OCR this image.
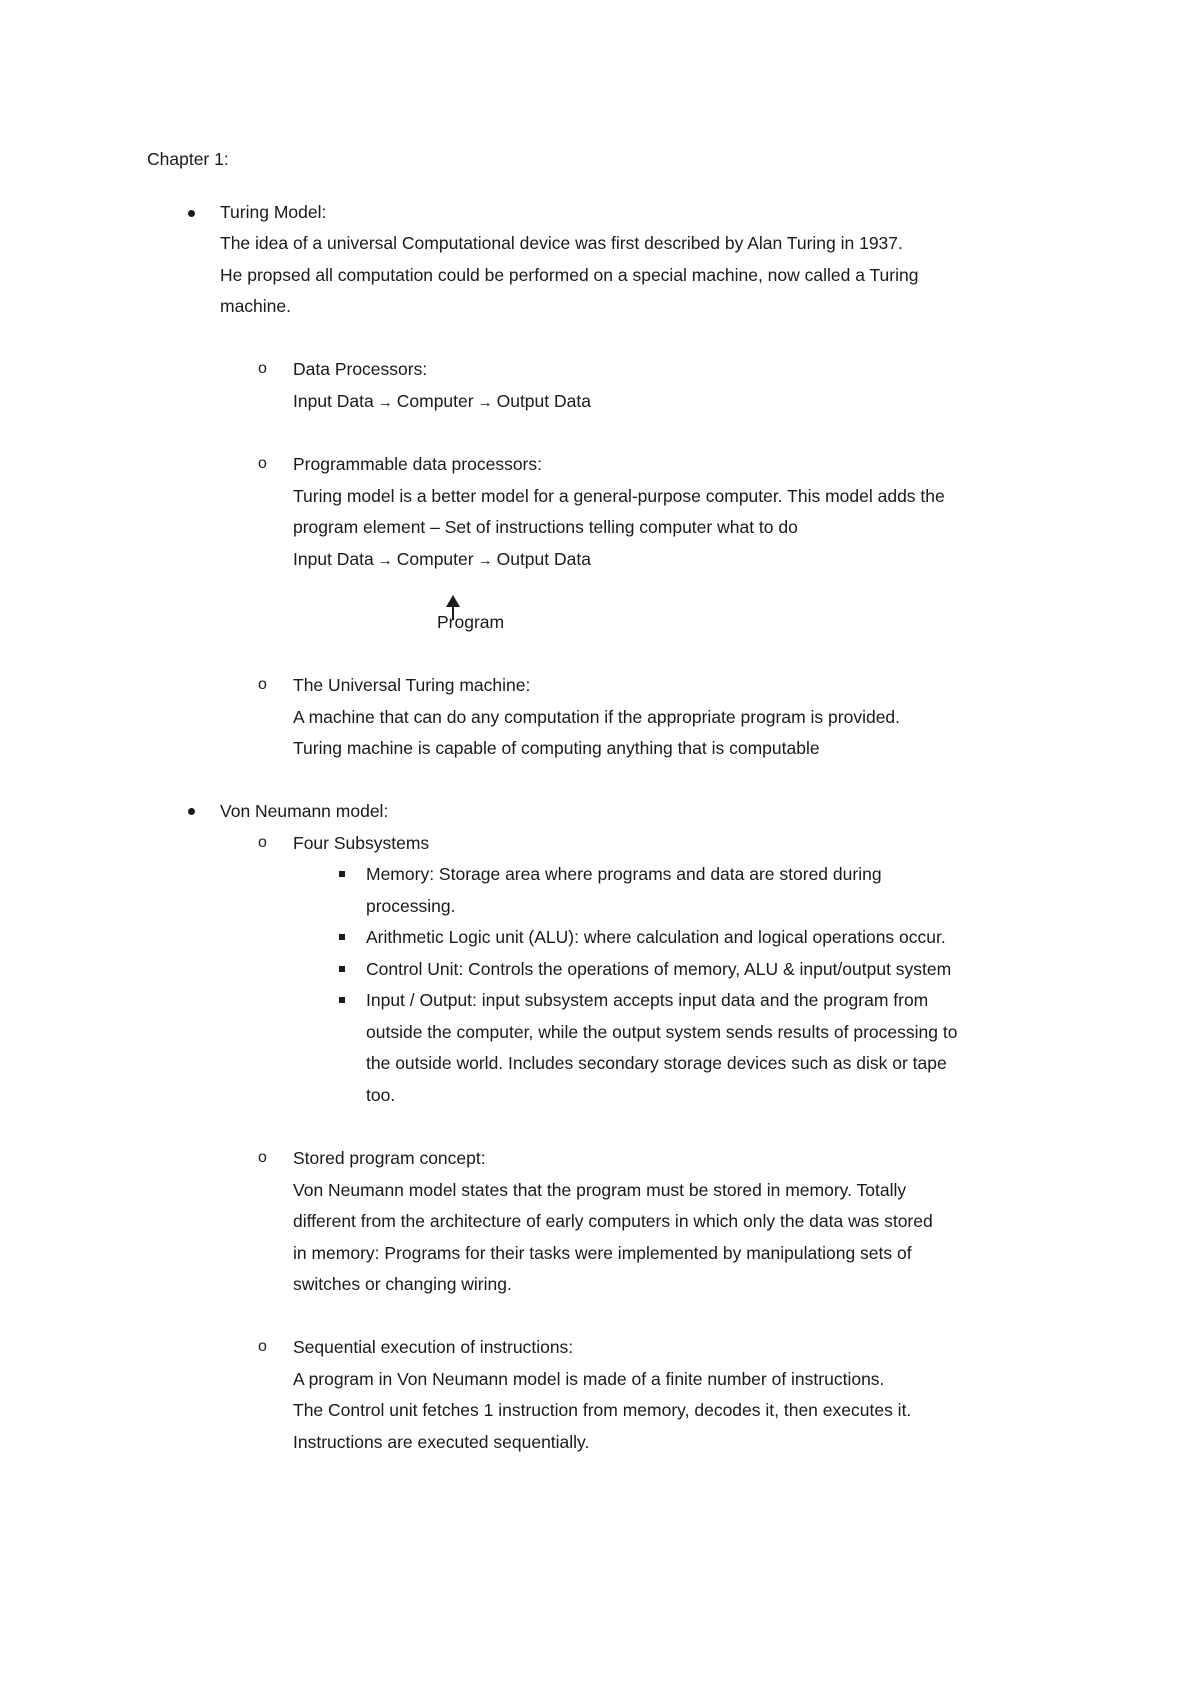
Chapter 1:
Turing Model:
The idea of a universal Computational device was first described by Alan Turing in 1937.
He propsed all computation could be performed on a special machine, now called a Turing
machine.
o Data Processors:
Input Data → Computer → Output Data
o Programmable data processors:
Turing model is a better model for a general-purpose computer. This model adds the
program element – Set of instructions telling computer what to do
Input Data → Computer → Output Data
Program
o The Universal Turing machine:
A machine that can do any computation if the appropriate program is provided.
Turing machine is capable of computing anything that is computable
Von Neumann model:
o Four Subsystems
Memory: Storage area where programs and data are stored during
processing.
Arithmetic Logic unit (ALU): where calculation and logical operations occur.
Control Unit: Controls the operations of memory, ALU & input/output system
Input / Output: input subsystem accepts input data and the program from
outside the computer, while the output system sends results of processing to
the outside world. Includes secondary storage devices such as disk or tape
too.
o Stored program concept:
Von Neumann model states that the program must be stored in memory. Totally
different from the architecture of early computers in which only the data was stored
in memory: Programs for their tasks were implemented by manipulationg sets of
switches or changing wiring.
o Sequential execution of instructions:
A program in Von Neumann model is made of a finite number of instructions.
The Control unit fetches 1 instruction from memory, decodes it, then executes it.
Instructions are executed sequentially.
